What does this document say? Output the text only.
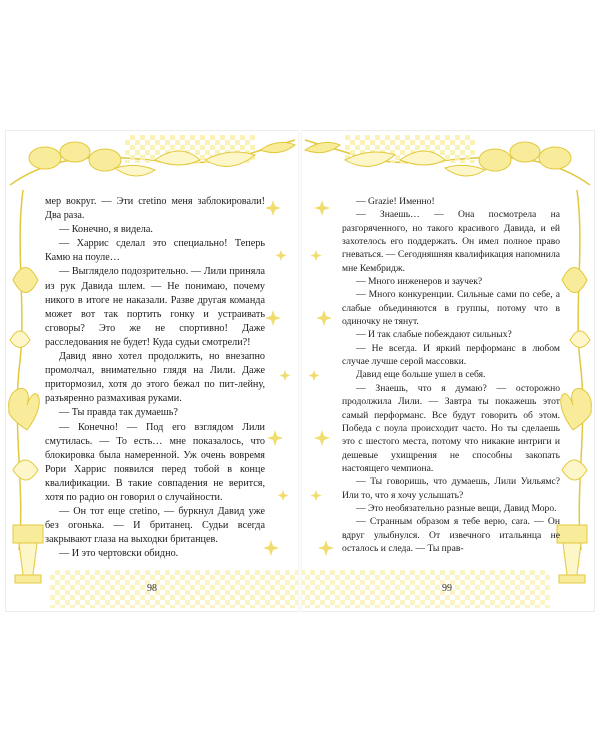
мер вокруг. — Эти cretino меня заблокировали! Два раза.

— Конечно, я видела.

— Харрис сделал это специально! Теперь Камю на поуле…

— Выглядело подозрительно. — Лили приняла из рук Давида шлем. — Не понимаю, почему никого в итоге не наказали. Разве другая команда может вот так портить гонку и устраивать сговоры? Это же не спортивно! Даже расследования не будет! Куда судьи смотрели?!

Давид явно хотел продолжить, но внезапно промолчал, внимательно глядя на Лили. Даже притормозил, хотя до этого бежал по пит-лейну, разъяренно размахивая руками.

— Ты правда так думаешь?

— Конечно! — Под его взглядом Лили смутилась. — То есть… мне показалось, что блокировка была намеренной. Уж очень вовремя Рори Харрис появился перед тобой в конце квалификации. В такие совпадения не верится, хотя по радио он говорил о случайности.

— Он тот еще cretino, — буркнул Давид уже без огонька. — И британец. Судьи всегда закрывают глаза на выходки британцев.

— И это чертовски обидно.

98

— Grazie! Именно!

— Знаешь… — Она посмотрела на разгоряченного, но такого красивого Давида, и ей захотелось его поддержать. Он имел полное право гневаться. — Сегодняшняя квалификация напомнила мне Кембридж.

— Много инженеров и заучек?

— Много конкуренции. Сильные сами по себе, а слабые объединяются в группы, потому что в одиночку не тянут.

— И так слабые побеждают сильных?

— Не всегда. И яркий перформанс в любом случае лучше серой массовки.

Давид еще больше ушел в себя.

— Знаешь, что я думаю? — осторожно продолжила Лили. — Завтра ты покажешь этот самый перформанс. Все будут говорить об этом. Победа с поула происходит часто. Но ты сделаешь это с шестого места, потому что никакие интриги и дешевые ухищрения не способны закопать настоящего чемпиона.

— Ты говоришь, что думаешь, Лили Уильямс? Или то, что я хочу услышать?

— Это необязательно разные вещи, Давид Моро.

— Странным образом я тебе верю, cara. — Он вдруг улыбнулся. От извечного итальянца не осталось и следа. — Ты прав-

99
